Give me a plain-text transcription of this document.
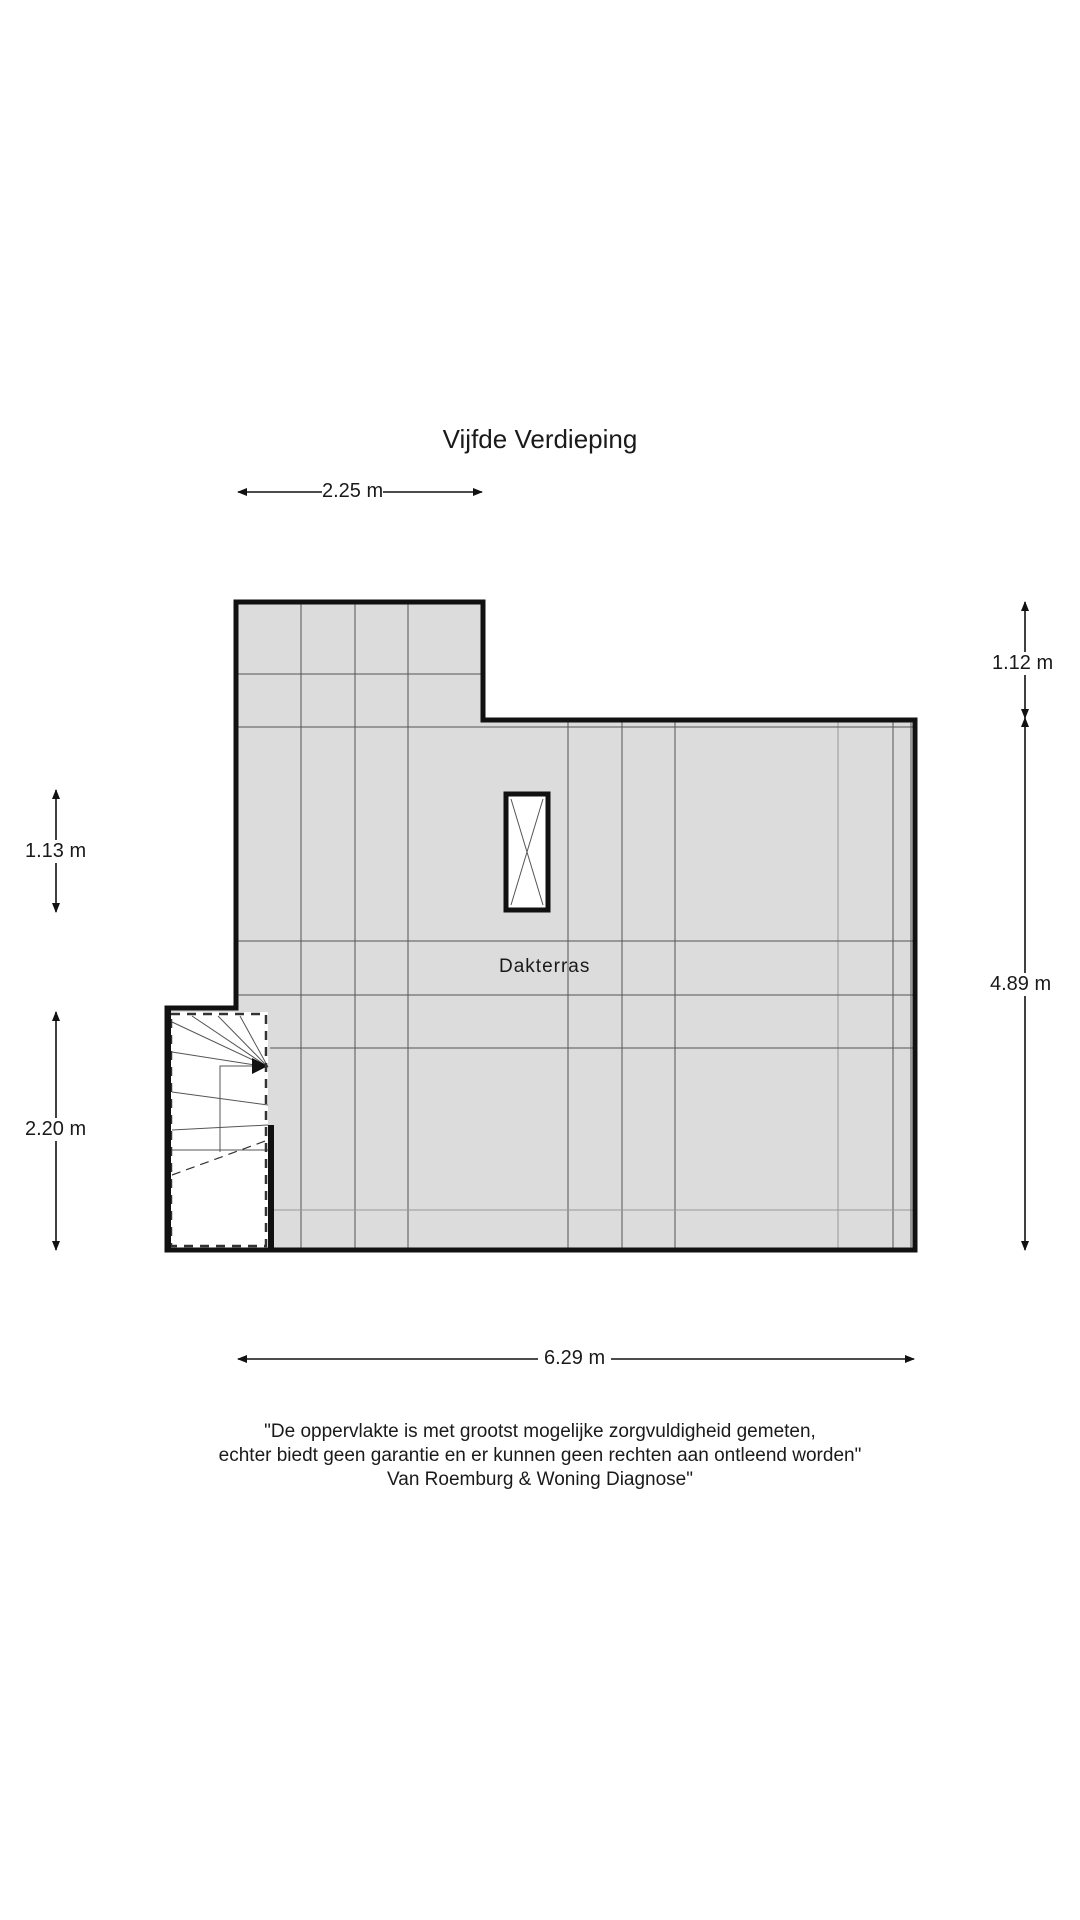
Vijfde Verdieping
2.25 m
1.12 m
4.89 m
1.13 m
2.20 m
6.29 m
Dakterras
"De oppervlakte is met grootst mogelijke zorgvuldigheid gemeten,
echter biedt geen garantie en er kunnen geen rechten aan ontleend worden"
Van Roemburg & Woning Diagnose"
